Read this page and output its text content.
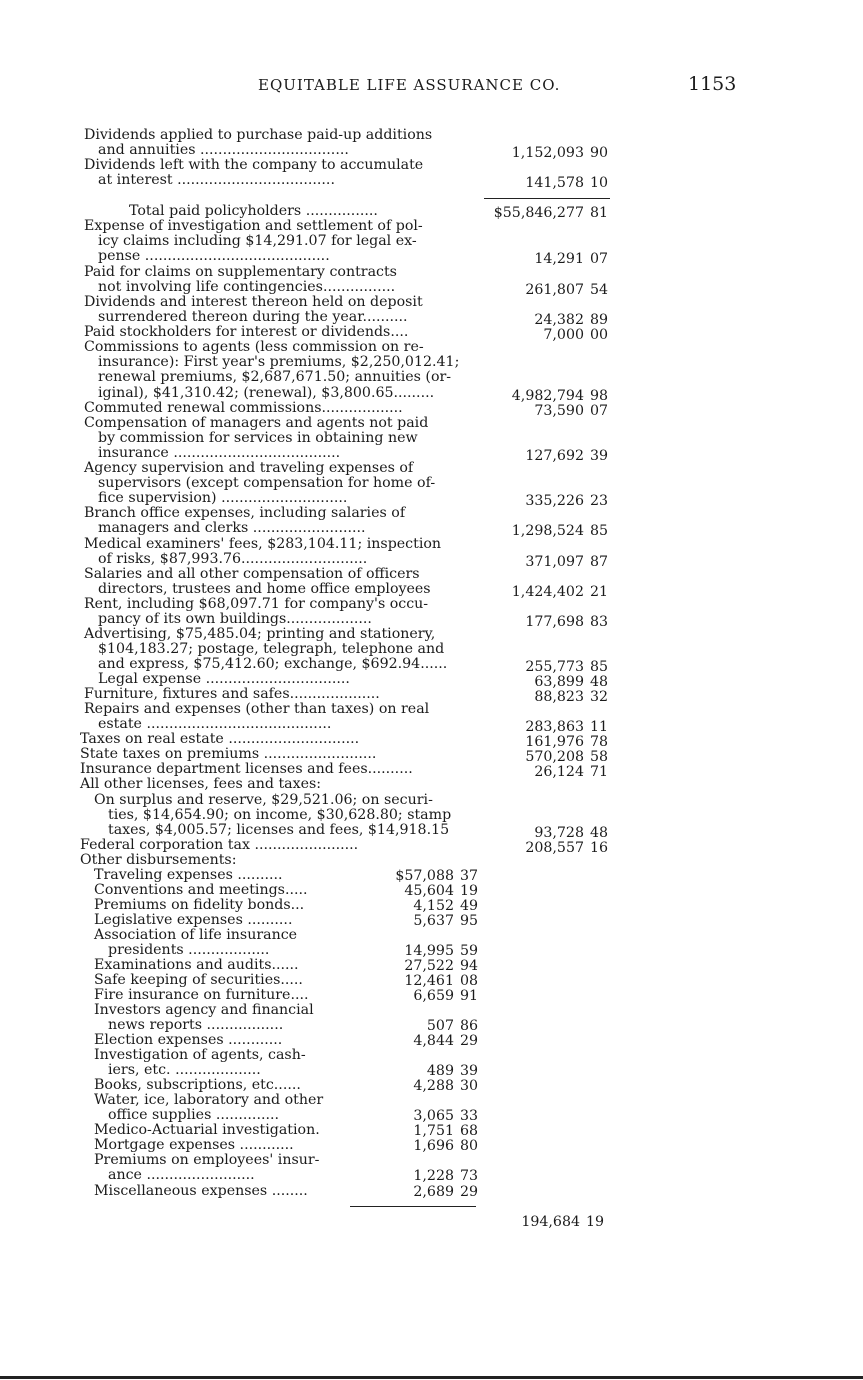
EQUITABLE LIFE ASSURANCE CO.	1153
Dividends applied to purchase paid-up additions
and annuities .................................
Dividends left with the company to accumulate
at interest ...................................
Total paid policyholders ................
Expense of investigation and settlement of pol-
icy claims including $14,291.07 for legal ex-
pense .........................................
Paid for claims on supplementary contracts
not involving life contingencies................
Dividends and interest thereon held on deposit
surrendered thereon during the year..........
Paid stockholders for interest or dividends....
Commissions to agents (less commission on re-
insurance): First year's premiums, $2,250,012.41;
renewal premiums, $2,687,671.50; annuities (or-
iginal), $41,310.42; (renewal), $3,800.65.........
Commuted renewal commissions..................
Compensation of managers and agents not paid
by commission for services in obtaining new
insurance .....................................
Agency supervision and traveling expenses of
supervisors (except compensation for home of-
fice supervision) ............................
Branch office expenses, including salaries of
managers and clerks .........................
Medical examiners' fees, $283,104.11; inspection
of risks, $87,993.76............................
Salaries and all other compensation of officers
directors, trustees and home office employees
Rent, including $68,097.71 for company's occu-
pancy of its own buildings...................
Advertising, $75,485.04; printing and stationery,
$104,183.27; postage, telegraph, telephone and
and express, $75,412.60; exchange, $692.94......
Legal expense ................................
Furniture, fixtures and safes....................
Repairs and expenses (other than taxes) on real
estate .........................................
Taxes on real estate .............................
State taxes on premiums .........................
Insurance department licenses and fees..........
All other licenses, fees and taxes:
On surplus and reserve, $29,521.06; on securi-
ties, $14,654.90; on income, $30,628.80; stamp
taxes, $4,005.57; licenses and fees, $14,918.15
Federal corporation tax .......................
Other disbursements:
Traveling expenses ..........
Conventions and meetings.....
Premiums on fidelity bonds...
Legislative expenses ..........
Association of life insurance
presidents ..................
Examinations and audits......
Safe keeping of securities.....
Fire insurance on furniture....
Investors agency and financial
news reports .................
Election expenses ............
Investigation of agents, cash-
iers, etc. ...................
Books, subscriptions, etc......
Water, ice, laboratory and other
office supplies ..............
Medico-Actuarial investigation.
Mortgage expenses ............
Premiums on employees' insur-
ance ........................
Miscellaneous expenses ........
1,152,093 90
141,578 10
$55,846,277 81
14,291 07
261,807 54
24,382 89
7,000 00
4,982,794 98
73,590 07
127,692 39
335,226 23
1,298,524 85
371,097 87
1,424,402 21
177,698 83
255,773 85
63,899 48
88,823 32
283,863 11
161,976 78
570,208 58
26,124 71
93,728 48
208,557 16
$57,088 37
45,604 19
4,152 49
5,637 95
14,995 59
27,522 94
12,461 08
6,659 91
507 86
4,844 29
489 39
4,288 30
3,065 33
1,751 68
1,696 80
1,228 73
2,689 29
194,684 19
